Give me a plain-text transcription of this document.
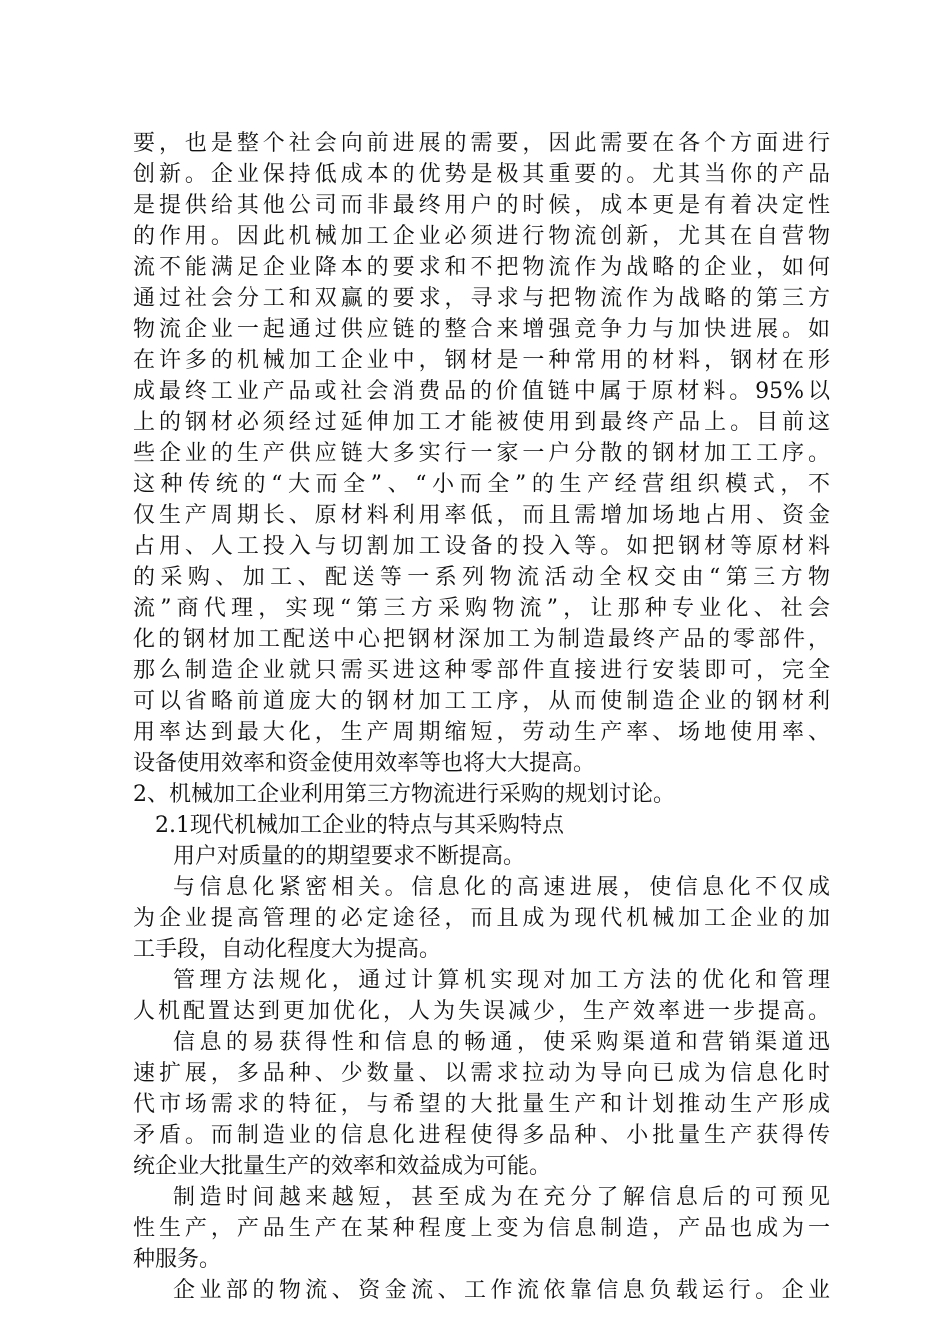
要，也是整个社会向前进展的需要，因此需要在各个方面进行
创新。企业保持低成本的优势是极其重要的。尤其当你的产品
是提供给其他公司而非最终用户的时候，成本更是有着决定性
的作用。因此机械加工企业必须进行物流创新，尤其在自营物
流不能满足企业降本的要求和不把物流作为战略的企业，如何
通过社会分工和双赢的要求，寻求与把物流作为战略的第三方
物流企业一起通过供应链的整合来增强竞争力与加快进展。如
在许多的机械加工企业中，钢材是一种常用的材料，钢材在形
成最终工业产品或社会消费品的价值链中属于原材料。95%以
上的钢材必须经过延伸加工才能被使用到最终产品上。目前这
些企业的生产供应链大多实行一家一户分散的钢材加工工序。
这种传统的“大而全”、“小而全”的生产经营组织模式，不
仅生产周期长、原材料利用率低，而且需增加场地占用、资金
占用、人工投入与切割加工设备的投入等。如把钢材等原材料
的采购、加工、配送等一系列物流活动全权交由“第三方物
流”商代理，实现“第三方采购物流”，让那种专业化、社会
化的钢材加工配送中心把钢材深加工为制造最终产品的零部件，
那么制造企业就只需买进这种零部件直接进行安装即可，完全
可以省略前道庞大的钢材加工工序，从而使制造企业的钢材利
用率达到最大化，生产周期缩短，劳动生产率、场地使用率、
设备使用效率和资金使用效率等也将大大提高。
2、机械加工企业利用第三方物流进行采购的规划讨论。
2.1现代机械加工企业的特点与其采购特点
用户对质量的的期望要求不断提高。
与信息化紧密相关。信息化的高速进展，使信息化不仅成
为企业提高管理的必定途径，而且成为现代机械加工企业的加
工手段，自动化程度大为提高。
管理方法规化，通过计算机实现对加工方法的优化和管理
人机配置达到更加优化，人为失误减少，生产效率进一步提高。
信息的易获得性和信息的畅通，使采购渠道和营销渠道迅
速扩展，多品种、少数量、以需求拉动为导向已成为信息化时
代市场需求的特征，与希望的大批量生产和计划推动生产形成
矛盾。而制造业的信息化进程使得多品种、小批量生产获得传
统企业大批量生产的效率和效益成为可能。
制造时间越来越短，甚至成为在充分了解信息后的可预见
性生产，产品生产在某种程度上变为信息制造，产品也成为一
种服务。
企业部的物流、资金流、工作流依靠信息负载运行。企业
